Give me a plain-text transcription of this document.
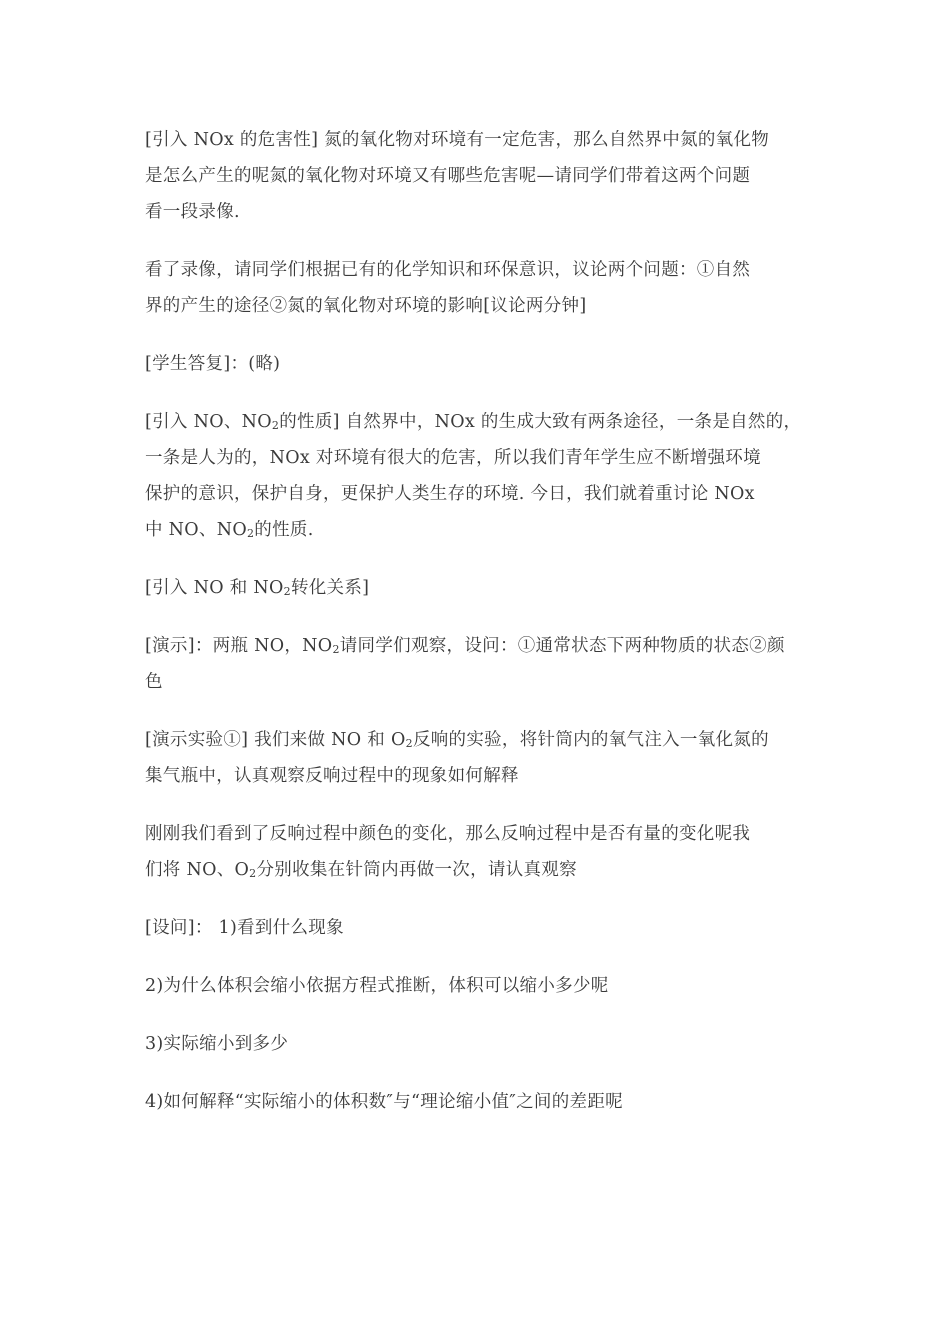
[引入 NOx 的危害性] 氮的氧化物对环境有一定危害，那么自然界中氮的氧化物
是怎么产生的呢氮的氧化物对环境又有哪些危害呢—请同学们带着这两个问题
看一段录像.

看了录像，请同学们根据已有的化学知识和环保意识，议论两个问题：①自然
界的产生的途径②氮的氧化物对环境的影响[议论两分钟]

[学生答复]：(略)

[引入 NO、$NO_2$的性质] 自然界中，NOx 的生成大致有两条途径，一条是自然的，
一条是人为的，NOx 对环境有很大的危害，所以我们青年学生应不断增强环境
保护的意识，保护自身，更保护人类生存的环境. 今日，我们就着重讨论 NOx
中 NO、$NO_2$的性质.

[引入 NO 和 $NO_2$转化关系]

[演示]：两瓶 NO，$NO_2$请同学们观察，设问：①通常状态下两种物质的状态②颜
色

[演示实验①] 我们来做 NO 和 $O_2$反响的实验，将针筒内的氧气注入一氧化氮的
集气瓶中，认真观察反响过程中的现象如何解释

刚刚我们看到了反响过程中颜色的变化，那么反响过程中是否有量的变化呢我
们将 NO、$O_2$分别收集在针筒内再做一次，请认真观察

[设问]： 1)看到什么现象

2)为什么体积会缩小依据方程式推断，体积可以缩小多少呢

3)实际缩小到多少

4)如何解释“实际缩小的体积数″与“理论缩小值″之间的差距呢
